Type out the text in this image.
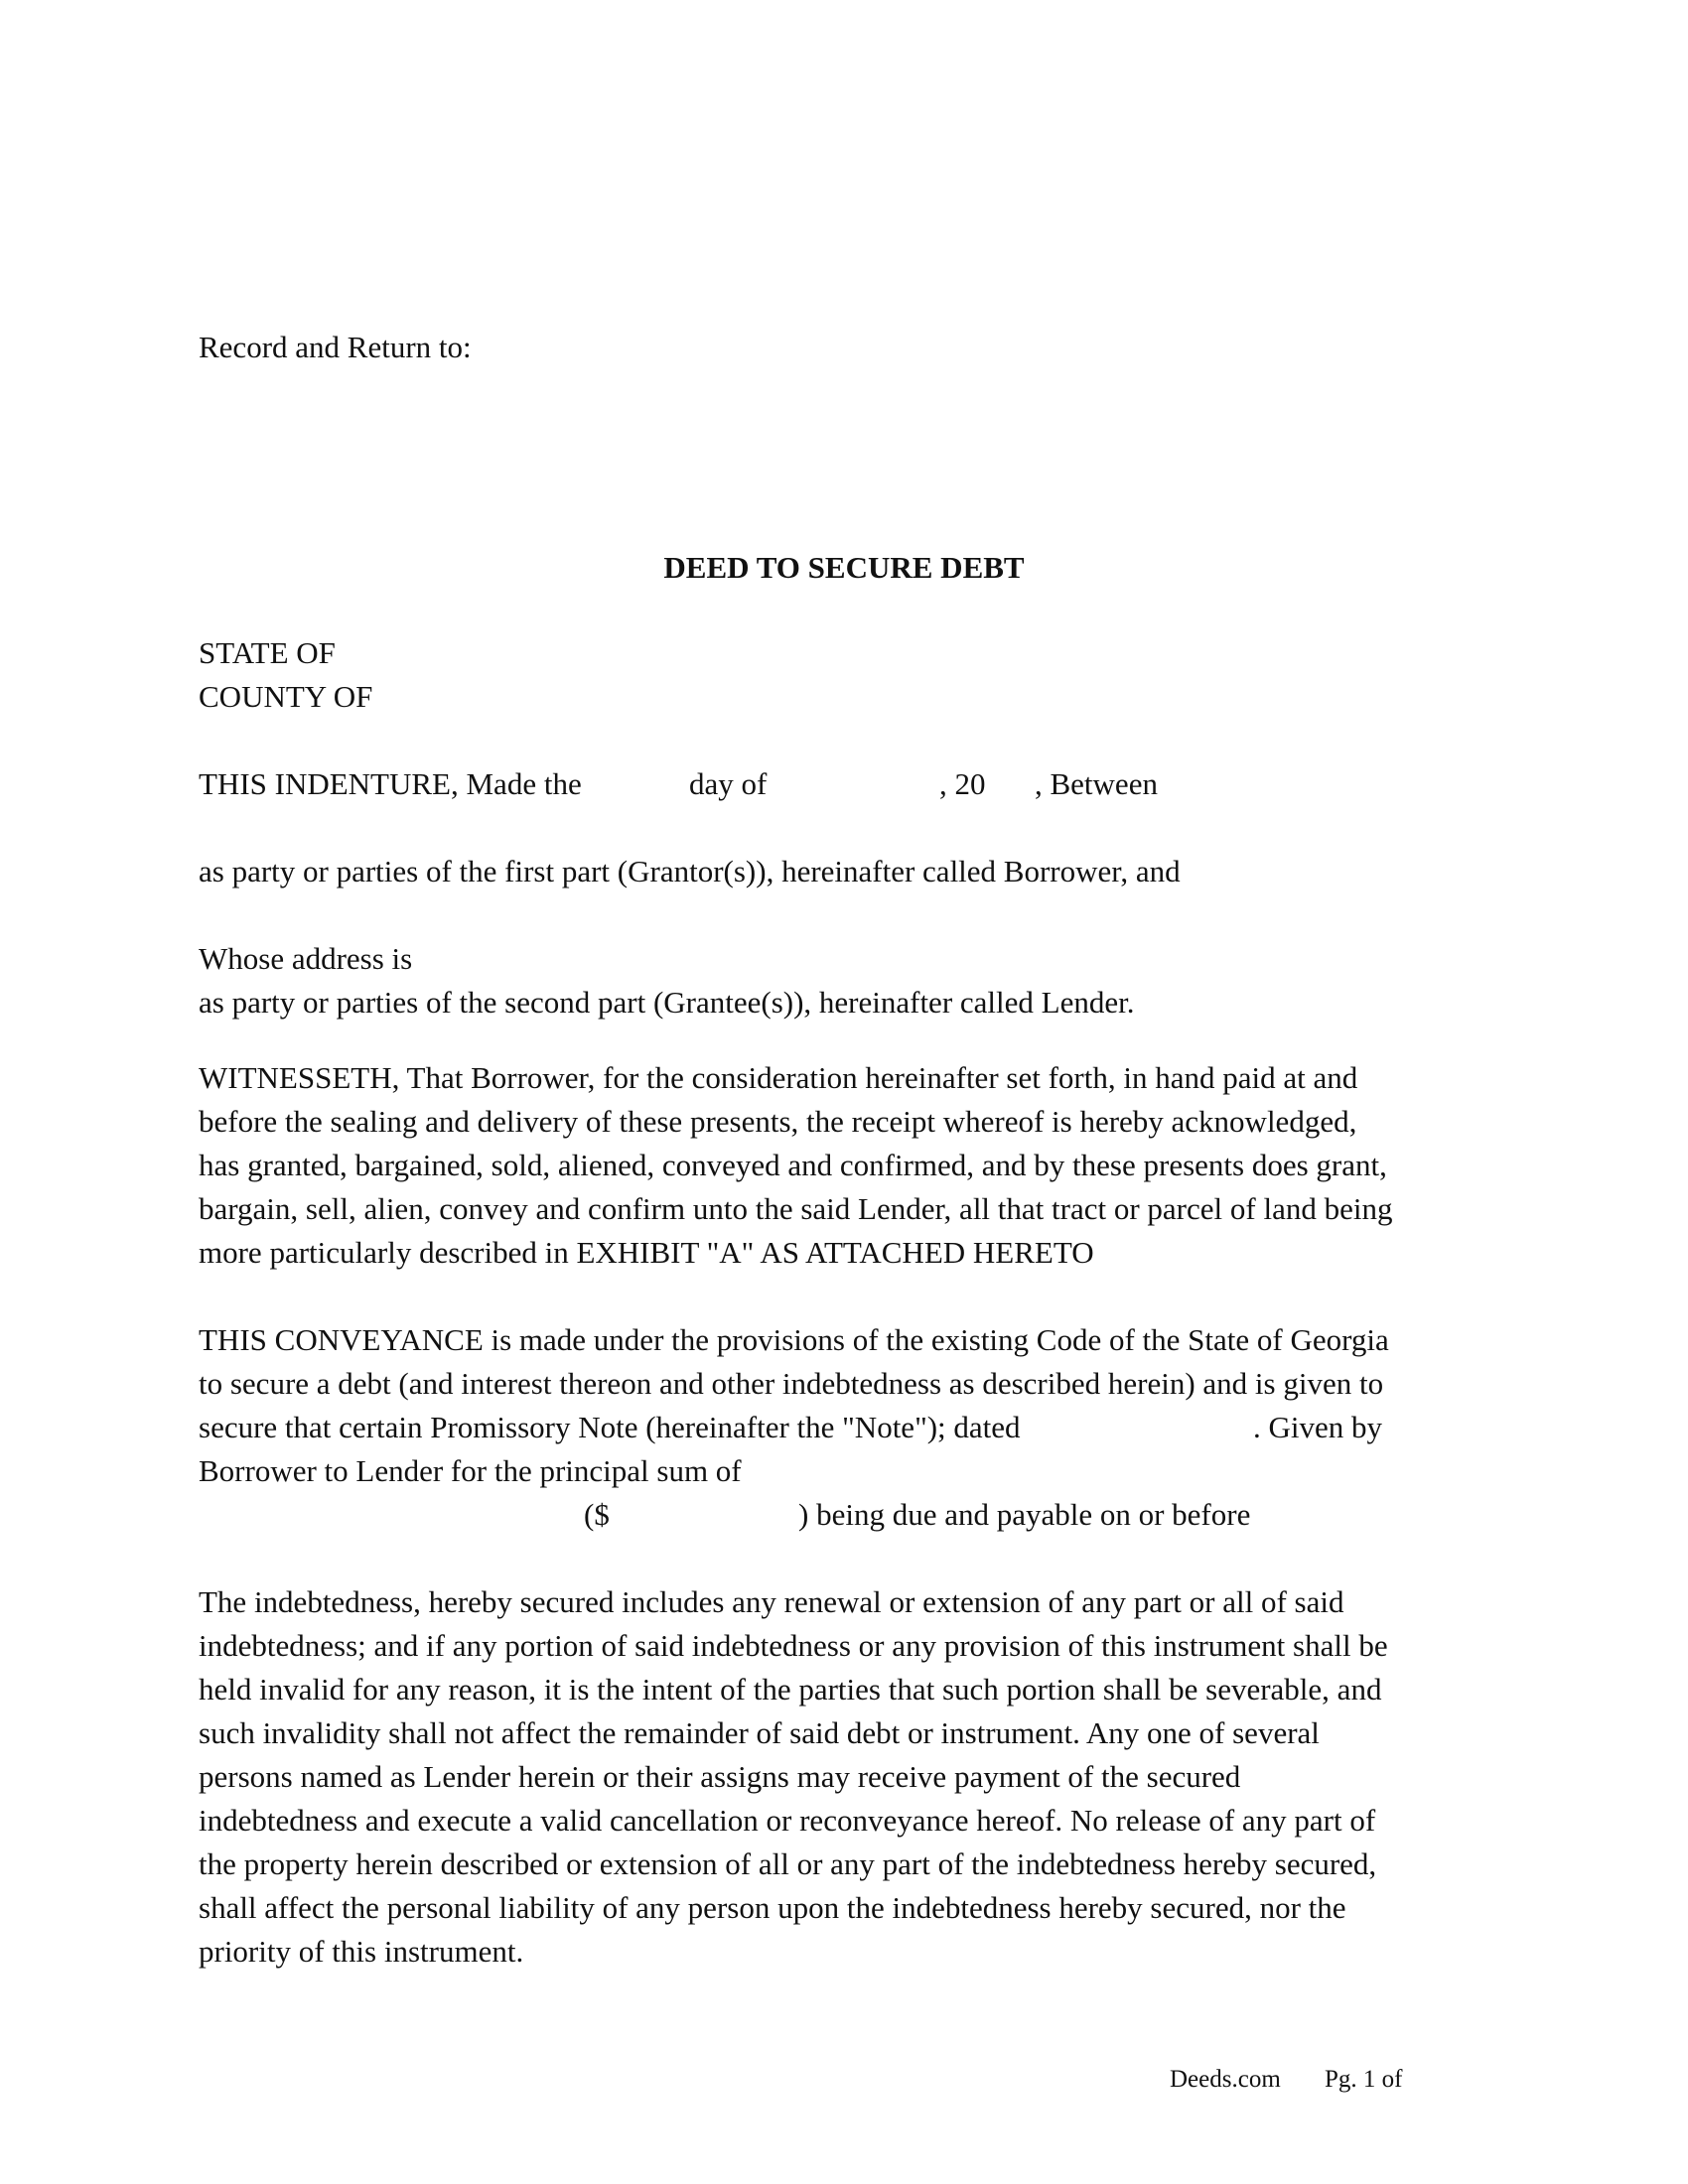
Record and Return to:
DEED TO SECURE DEBT
STATE OF
COUNTY OF
THIS INDENTURE, Made the	day of	, 20 , Between
as party or parties of the first part (Grantor(s)), hereinafter called Borrower, and
Whose address is
as party or parties of the second part (Grantee(s)), hereinafter called Lender.
WITNESSETH, That Borrower, for the consideration hereinafter set forth, in hand paid at and
before the sealing and delivery of these presents, the receipt whereof is hereby acknowledged,
has granted, bargained, sold, aliened, conveyed and confirmed, and by these presents does grant,
bargain, sell, alien, convey and confirm unto the said Lender, all that tract or parcel of land being
more particularly described in EXHIBIT "A" AS ATTACHED HERETO
THIS CONVEYANCE is made under the provisions of the existing Code of the State of Georgia
to secure a debt (and interest thereon and other indebtedness as described herein) and is given to
secure that certain Promissory Note (hereinafter the "Note"); dated	. Given by
Borrower to Lender for the principal sum of
($	) being due and payable on or before
The indebtedness, hereby secured includes any renewal or extension of any part or all of said
indebtedness; and if any portion of said indebtedness or any provision of this instrument shall be
held invalid for any reason, it is the intent of the parties that such portion shall be severable, and
such invalidity shall not affect the remainder of said debt or instrument. Any one of several
persons named as Lender herein or their assigns may receive payment of the secured
indebtedness and execute a valid cancellation or reconveyance hereof. No release of any part of
the property herein described or extension of all or any part of the indebtedness hereby secured,
shall affect the personal liability of any person upon the indebtedness hereby secured, nor the
priority of this instrument.
Deeds.com Pg. 1 of
